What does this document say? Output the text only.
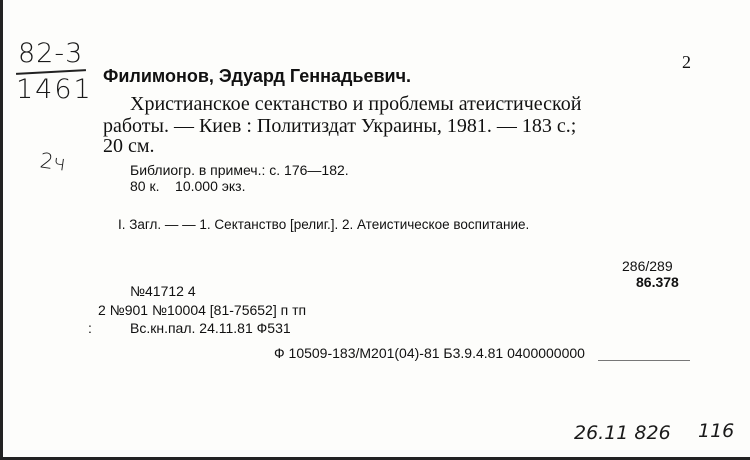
82-3
1461
2ч
2
Филимонов, Эдуард Геннадьевич.
Христианское сектанство и проблемы атеистической
работы. — Киев : Политиздат Украины, 1981. — 183 с.;
20 см.
Библиогр. в примеч.: с. 176—182.
80 к.    10.000 экз.
I. Загл. — — 1. Сектанство [религ.]. 2. Атеистическое воспитание.
286/289
86.378
№41712 4
2 №901 №10004 [81-75652] п тп
:	Вс.кн.пал. 24.11.81 Ф531
Ф 10509-183/М201(04)-81 Б3.9.4.81 0400000000
26.11 826 116
